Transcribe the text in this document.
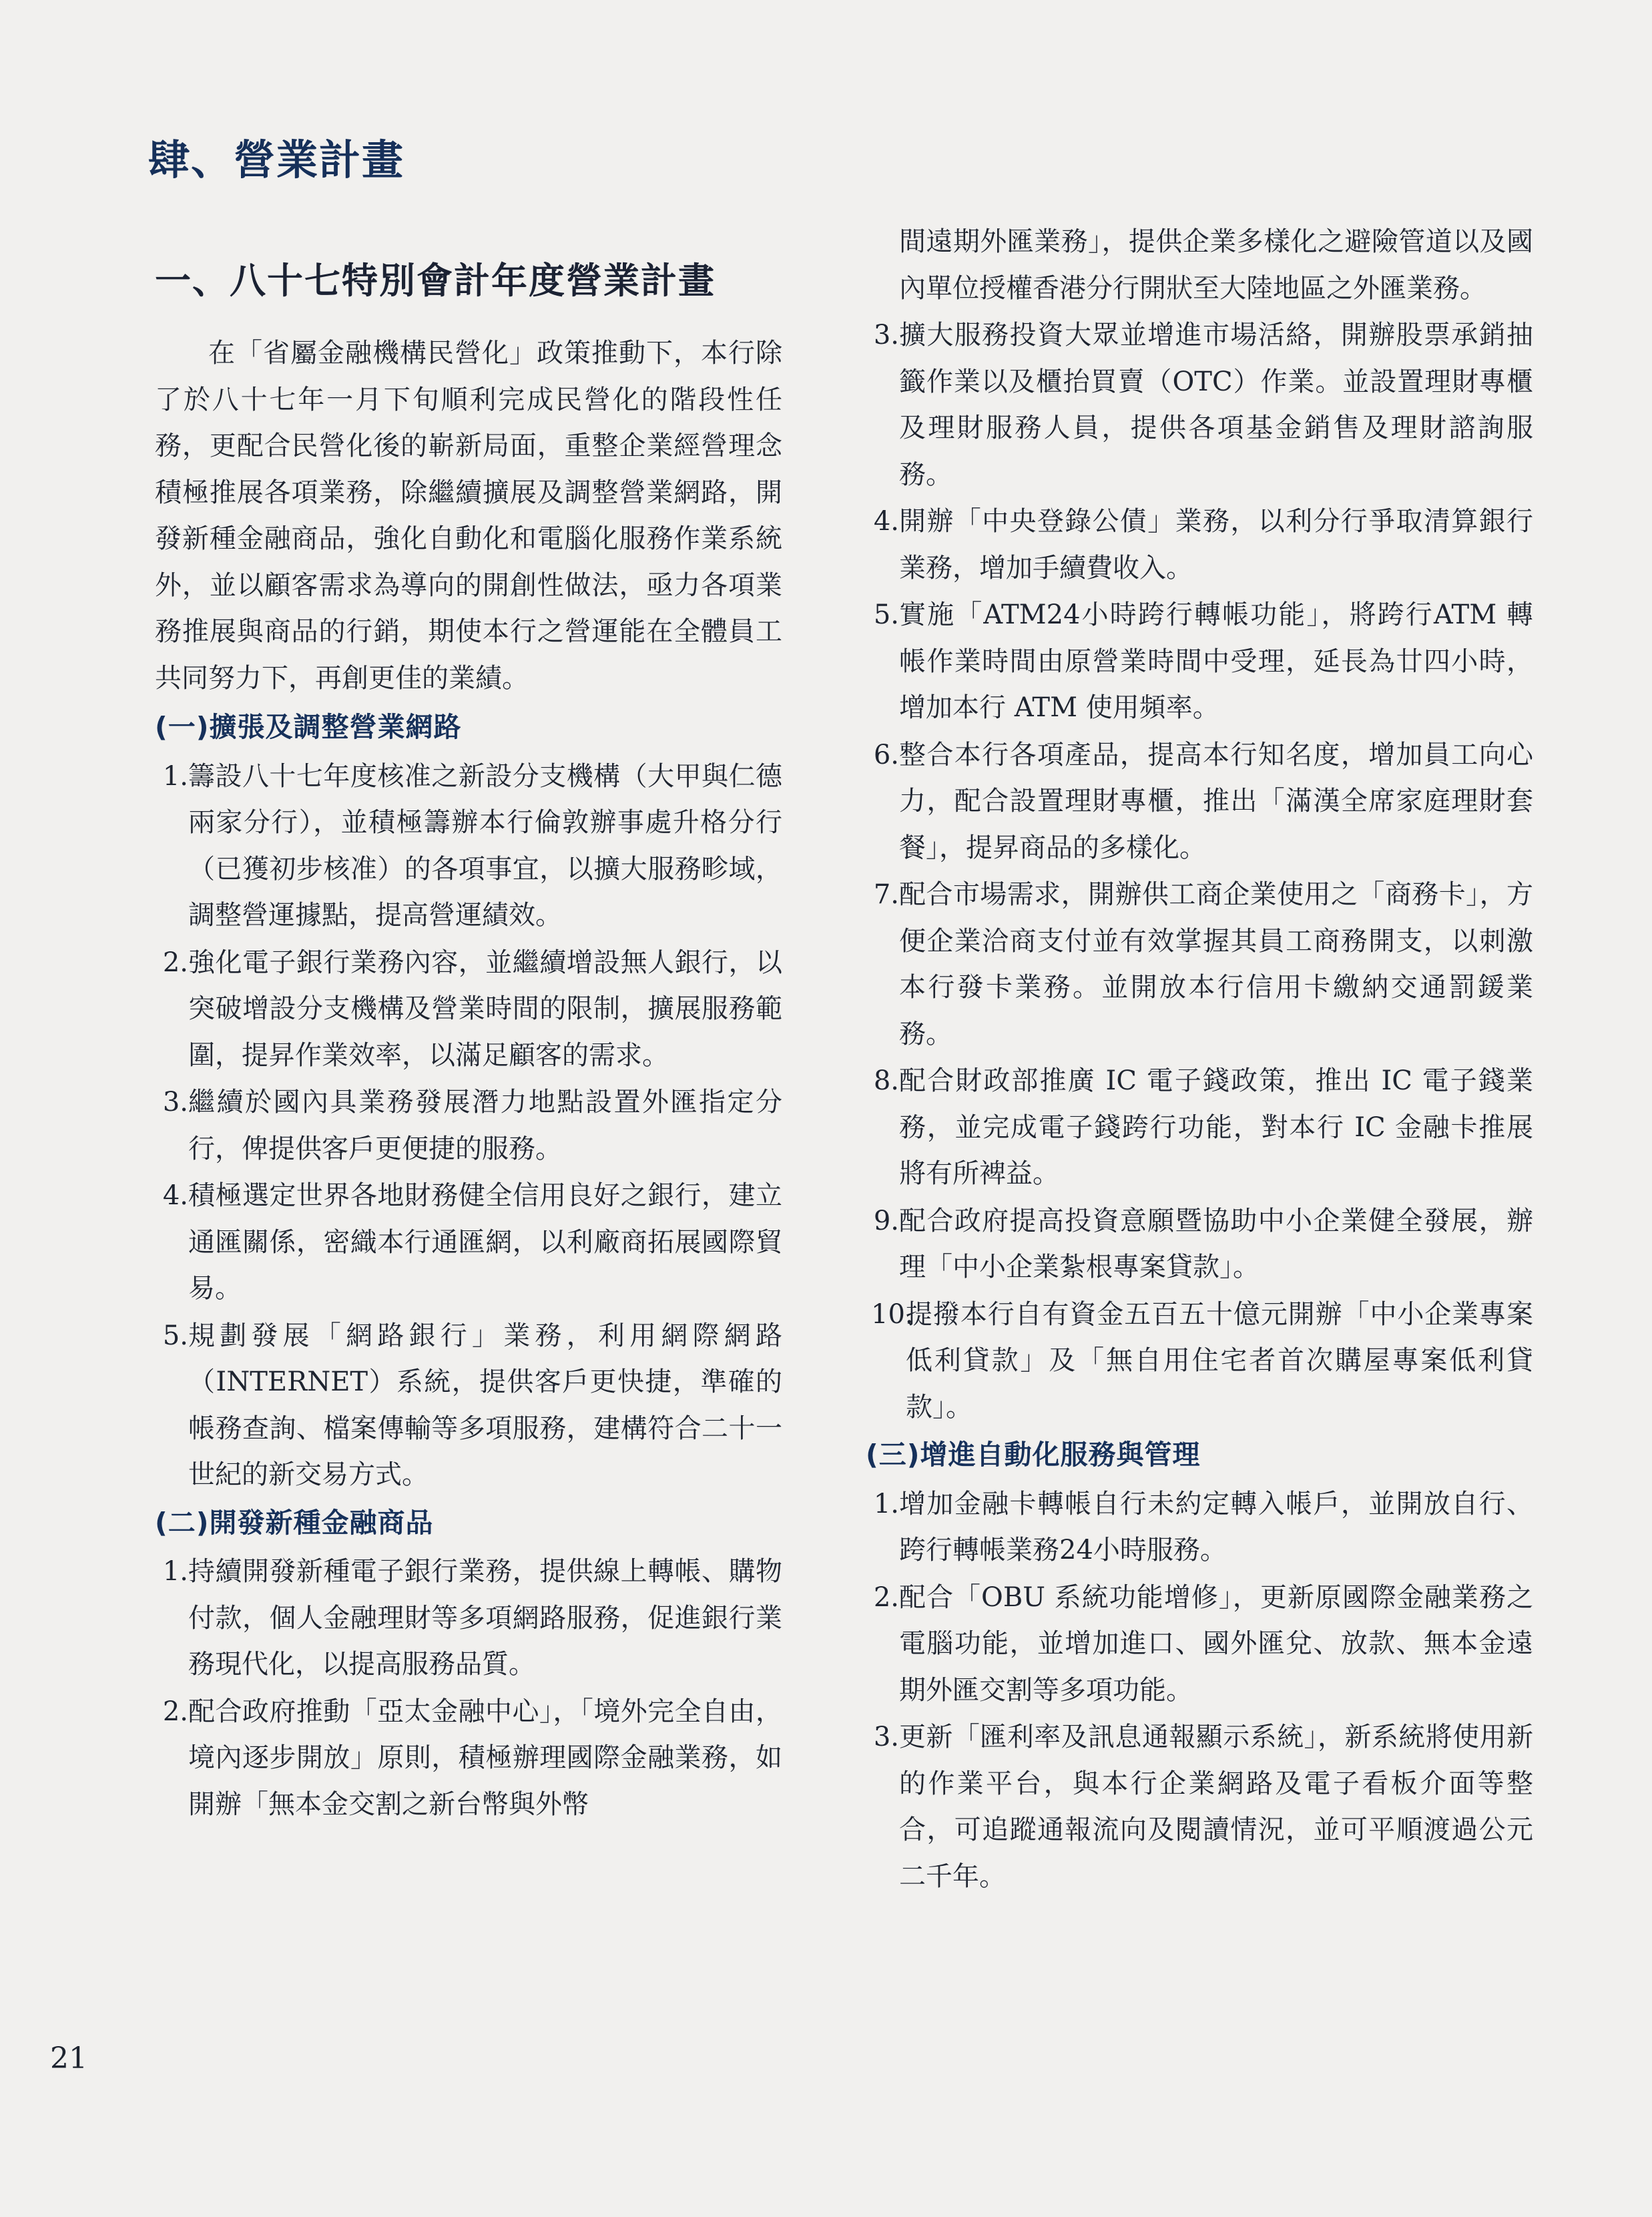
肆、營業計畫
一、八十七特別會計年度營業計畫

在「省屬金融機構民營化」政策推動下，本行除了於八十七年一月下旬順利完成民營化的階段性任務，更配合民營化後的嶄新局面，重整企業經營理念積極推展各項業務，除繼續擴展及調整營業網路，開發新種金融商品，強化自動化和電腦化服務作業系統外，並以顧客需求為導向的開創性做法，亟力各項業務推展與商品的行銷，期使本行之營運能在全體員工共同努力下，再創更佳的業績。

(一)擴張及調整營業網路
1. 籌設八十七年度核准之新設分支機構（大甲與仁德兩家分行），並積極籌辦本行倫敦辦事處升格分行（已獲初步核准）的各項事宜，以擴大服務畛域，調整營運據點，提高營運績效。
2. 強化電子銀行業務內容，並繼續增設無人銀行，以突破增設分支機構及營業時間的限制，擴展服務範圍，提昇作業效率，以滿足顧客的需求。
3. 繼續於國內具業務發展潛力地點設置外匯指定分行，俾提供客戶更便捷的服務。
4. 積極選定世界各地財務健全信用良好之銀行，建立通匯關係，密織本行通匯網，以利廠商拓展國際貿易。
5. 規劃發展「網路銀行」業務，利用網際網路（INTERNET）系統，提供客戶更快捷，準確的帳務查詢、檔案傳輸等多項服務，建構符合二十一世紀的新交易方式。
(二)開發新種金融商品
1. 持續開發新種電子銀行業務，提供線上轉帳、購物付款，個人金融理財等多項網路服務，促進銀行業務現代化，以提高服務品質。
2. 配合政府推動「亞太金融中心」，「境外完全自由，境內逐步開放」原則，積極辦理國際金融業務，如開辦「無本金交割之新台幣與外幣
間遠期外匯業務」，提供企業多樣化之避險管道以及國內單位授權香港分行開狀至大陸地區之外匯業務。
3. 擴大服務投資大眾並增進市場活絡，開辦股票承銷抽籤作業以及櫃抬買賣（OTC）作業。並設置理財專櫃及理財服務人員，提供各項基金銷售及理財諮詢服務。
4. 開辦「中央登錄公債」業務，以利分行爭取清算銀行業務，增加手續費收入。
5. 實施「ATM24小時跨行轉帳功能」，將跨行ATM 轉帳作業時間由原營業時間中受理，延長為廿四小時，增加本行 ATM 使用頻率。
6. 整合本行各項產品，提高本行知名度，增加員工向心力，配合設置理財專櫃，推出「滿漢全席家庭理財套餐」，提昇商品的多樣化。
7. 配合市場需求，開辦供工商企業使用之「商務卡」，方便企業洽商支付並有效掌握其員工商務開支，以刺激本行發卡業務。並開放本行信用卡繳納交通罰鍰業務。
8. 配合財政部推廣 IC 電子錢政策，推出 IC 電子錢業務，並完成電子錢跨行功能，對本行 IC 金融卡推展將有所裨益。
9. 配合政府提高投資意願暨協助中小企業健全發展，辦理「中小企業紮根專案貸款」。
10.
提撥本行自有資金五百五十億元開辦「中小企業專案低利貸款」及「無自用住宅者首次購屋專案低利貸款」。
(三)增進自動化服務與管理
1. 增加金融卡轉帳自行未約定轉入帳戶，並開放自行、跨行轉帳業務24小時服務。
2. 配合「OBU 系統功能增修」，更新原國際金融業務之電腦功能，並增加進口、國外匯兌、放款、無本金遠期外匯交割等多項功能。
3. 更新「匯利率及訊息通報顯示系統」，新系統將使用新的作業平台，與本行企業網路及電子看板介面等整合，可追蹤通報流向及閱讀情況，並可平順渡過公元二千年。
21
